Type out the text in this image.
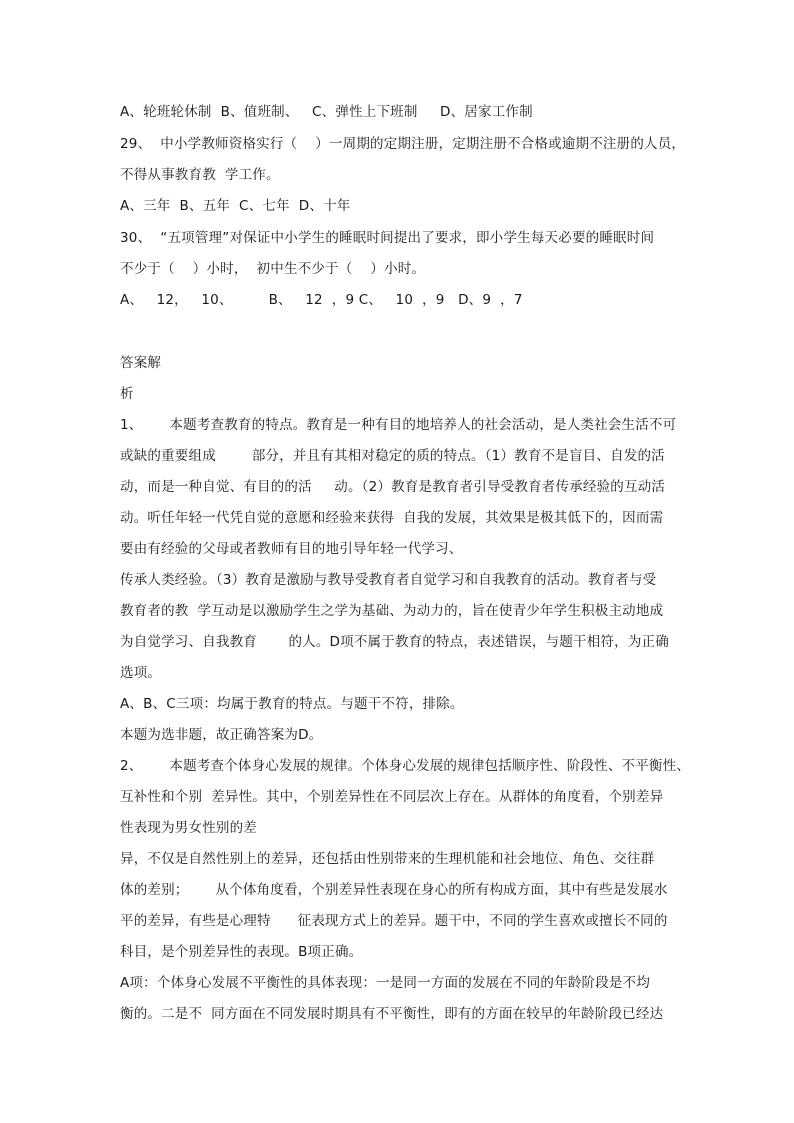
A、轮班轮休制  B、值班制、   C、弹性上下班制     D、居家工作制
29、  中小学教师资格实行（    ）一周期的定期注册，定期注册不合格或逾期不注册的人员，
不得从事教育教  学工作。
A、三年  B、五年  C、七年  D、十年
30、  “五项管理”对保证中小学生的睡眠时间提出了要求，即小学生每天必要的睡眠时间
不少于（    ）小时，  初中生不少于（    ）小时。
A、   12，   10、        B、   12  ，9 C、   10  ，9   D、9  ，7
答案解
析
1、      本题考查教育的特点。教育是一种有目的地培养人的社会活动，是人类社会生活不可
或缺的重要组成        部分，并且有其相对稳定的质的特点。（1）教育不是盲目、自发的活
动，而是一种自觉、有目的的活     动。（2）教育是教育者引导受教育者传承经验的互动活
动。听任年轻一代凭自觉的意愿和经验来获得  自我的发展，其效果是极其低下的，因而需
要由有经验的父母或者教师有目的地引导年轻一代学习、
传承人类经验。（3）教育是激励与教导受教育者自觉学习和自我教育的活动。教育者与受
教育者的教  学互动是以激励学生之学为基础、为动力的，旨在使青少年学生积极主动地成
为自觉学习、自我教育       的人。D项不属于教育的特点，表述错误，与题干相符，为正确
选项。
A、B、C三项：均属于教育的特点。与题干不符，排除。
本题为选非题，故正确答案为D。
2、      本题考查个体身心发展的规律。个体身心发展的规律包括顺序性、阶段性、不平衡性、
互补性和个别  差异性。其中，个别差异性在不同层次上存在。从群体的角度看，个别差异
性表现为男女性别的差
异，不仅是自然性别上的差异，还包括由性别带来的生理机能和社会地位、角色、交往群
体的差别；      从个体角度看，个别差异性表现在身心的所有构成方面，其中有些是发展水
平的差异，有些是心理特      征表现方式上的差异。题干中，不同的学生喜欢或擅长不同的
科目，是个别差异性的表现。B项正确。
A项：个体身心发展不平衡性的具体表现：一是同一方面的发展在不同的年龄阶段是不均
衡的。二是不  同方面在不同发展时期具有不平衡性，即有的方面在较早的年龄阶段已经达
